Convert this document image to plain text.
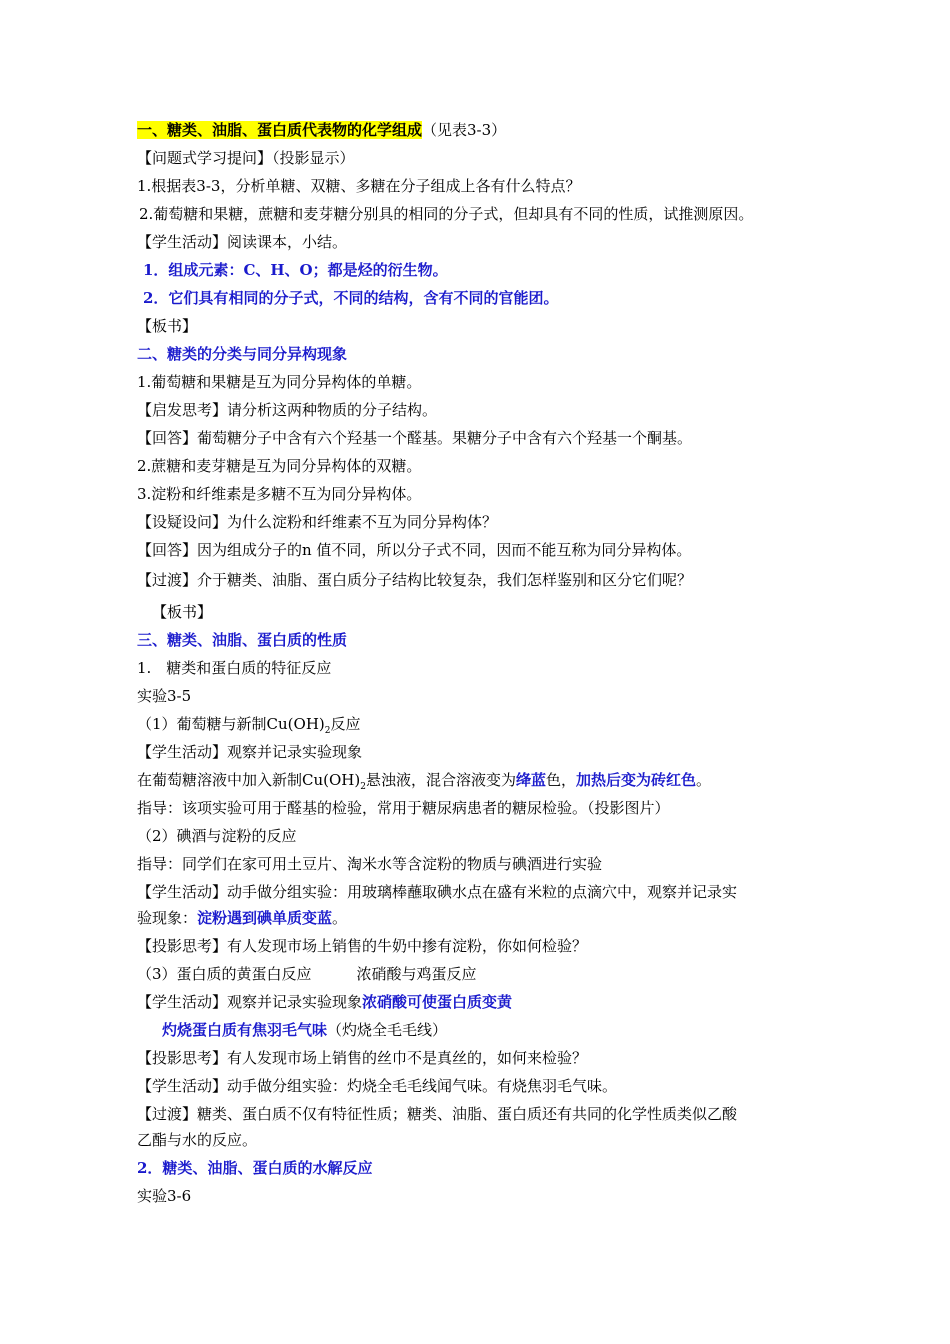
一、糖类、油脂、蛋白质代表物的化学组成（见表3-3）
【问题式学习提问】（投影显示）
1.根据表3-3，分析单糖、双糖、多糖在分子组成上各有什么特点？
2.葡萄糖和果糖，蔗糖和麦芽糖分别具的相同的分子式，但却具有不同的性质，试推测原因。
【学生活动】阅读课本，小结。
1．组成元素：C、H、O；都是烃的衍生物。
2．它们具有相同的分子式，不同的结构，含有不同的官能团。
【板书】
二、糖类的分类与同分异构现象
1.葡萄糖和果糖是互为同分异构体的单糖。
【启发思考】请分析这两种物质的分子结构。
【回答】葡萄糖分子中含有六个羟基一个醛基。果糖分子中含有六个羟基一个酮基。
2.蔗糖和麦芽糖是互为同分异构体的双糖。
3.淀粉和纤维素是多糖不互为同分异构体。
【设疑设问】为什么淀粉和纤维素不互为同分异构体？
【回答】因为组成分子的n 值不同，所以分子式不同，因而不能互称为同分异构体。
【过渡】介于糖类、油脂、蛋白质分子结构比较复杂，我们怎样鉴别和区分它们呢？
【板书】
三、糖类、油脂、蛋白质的性质
1.　糖类和蛋白质的特征反应
实验3-5
（1）葡萄糖与新制$Cu(OH)_2$反应
【学生活动】观察并记录实验现象
在葡萄糖溶液中加入新制$Cu(OH)_2$悬浊液，混合溶液变为绛蓝色，加热后变为砖红色。
指导：该项实验可用于醛基的检验，常用于糖尿病患者的糖尿检验。（投影图片）
（2）碘酒与淀粉的反应
指导：同学们在家可用土豆片、淘米水等含淀粉的物质与碘酒进行实验
【学生活动】动手做分组实验：用玻璃棒蘸取碘水点在盛有米粒的点滴穴中，观察并记录实
验现象：淀粉遇到碘单质变蓝。
【投影思考】有人发现市场上销售的牛奶中掺有淀粉，你如何检验？
（3）蛋白质的黄蛋白反应　　　浓硝酸与鸡蛋反应
【学生活动】观察并记录实验现象浓硝酸可使蛋白质变黄
灼烧蛋白质有焦羽毛气味（灼烧全毛毛线）
【投影思考】有人发现市场上销售的丝巾不是真丝的，如何来检验？
【学生活动】动手做分组实验：灼烧全毛毛线闻气味。有烧焦羽毛气味。
【过渡】糖类、蛋白质不仅有特征性质；糖类、油脂、蛋白质还有共同的化学性质类似乙酸
乙酯与水的反应。
2．糖类、油脂、蛋白质的水解反应
实验3-6
